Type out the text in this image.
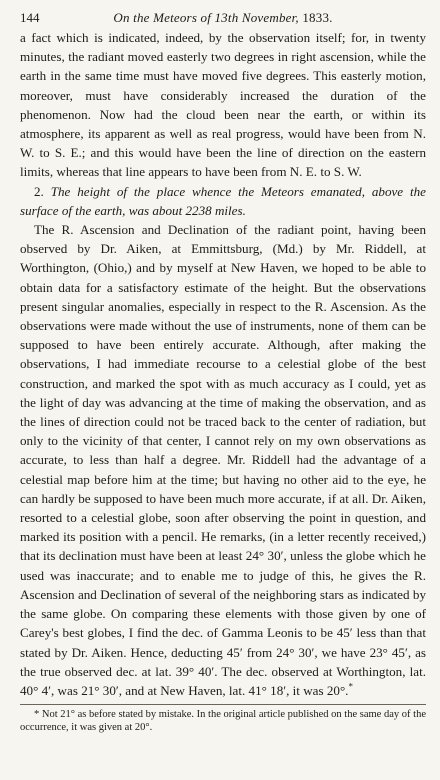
144	On the Meteors of 13th November, 1833.

a fact which is indicated, indeed, by the observation itself; for, in twenty minutes, the radiant moved easterly two degrees in right ascension, while the earth in the same time must have moved five degrees. This easterly motion, moreover, must have considerably increased the duration of the phenomenon. Now had the cloud been near the earth, or within its atmosphere, its apparent as well as real progress, would have been from N. W. to S. E.; and this would have been the line of direction on the eastern limits, whereas that line appears to have been from N. E. to S. W.

2. The height of the place whence the Meteors emanated, above the surface of the earth, was about 2238 miles.

The R. Ascension and Declination of the radiant point, having been observed by Dr. Aiken, at Emmittsburg, (Md.) by Mr. Riddell, at Worthington, (Ohio,) and by myself at New Haven, we hoped to be able to obtain data for a satisfactory estimate of the height. But the observations present singular anomalies, especially in respect to the R. Ascension. As the observations were made without the use of instruments, none of them can be supposed to have been entirely accurate. Although, after making the observations, I had immediate recourse to a celestial globe of the best construction, and marked the spot with as much accuracy as I could, yet as the light of day was advancing at the time of making the observation, and as the lines of direction could not be traced back to the center of radiation, but only to the vicinity of that center, I cannot rely on my own observations as accurate, to less than half a degree. Mr. Riddell had the advantage of a celestial map before him at the time; but having no other aid to the eye, he can hardly be supposed to have been much more accurate, if at all. Dr. Aiken, resorted to a celestial globe, soon after observing the point in question, and marked its position with a pencil. He remarks, (in a letter recently received,) that its declination must have been at least 24° 30′, unless the globe which he used was inaccurate; and to enable me to judge of this, he gives the R. Ascension and Declination of several of the neighboring stars as indicated by the same globe. On comparing these elements with those given by one of Carey's best globes, I find the dec. of Gamma Leonis to be 45′ less than that stated by Dr. Aiken. Hence, deducting 45′ from 24° 30′, we have 23° 45′, as the true observed dec. at lat. 39° 40′. The dec. observed at Worthington, lat. 40° 4′, was 21° 30′, and at New Haven, lat. 41° 18′, it was 20°.*

* Not 21° as before stated by mistake. In the original article published on the same day of the occurrence, it was given at 20°.
